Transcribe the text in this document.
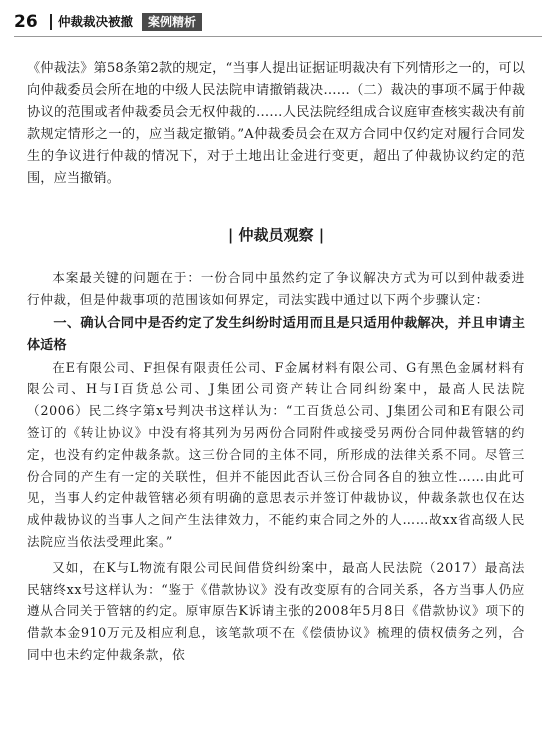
26 仲裁裁决被撤	案例精析

《仲裁法》第58条第2款的规定，“当事人提出证据证明裁决有下列情形之一的，可以向仲裁委员会所在地的中级人民法院申请撤销裁决……（二）裁决的事项不属于仲裁协议的范围或者仲裁委员会无权仲裁的……人民法院经组成合议庭审查核实裁决有前款规定情形之一的，应当裁定撤销。”A仲裁委员会在双方合同中仅约定对履行合同发生的争议进行仲裁的情况下，对于土地出让金进行变更，超出了仲裁协议约定的范围，应当撤销。

| 仲裁员观察 |

本案最关键的问题在于：一份合同中虽然约定了争议解决方式为可以到仲裁委进行仲裁，但是仲裁事项的范围该如何界定，司法实践中通过以下两个步骤认定：

一、确认合同中是否约定了发生纠纷时适用而且是只适用仲裁解决，并且申请主体适格

在E有限公司、F担保有限责任公司、F金属材料有限公司、G有黑色金属材料有限公司、H与I百货总公司、J集团公司资产转让合同纠纷案中，最高人民法院（2006）民二终字第x号判决书这样认为：“工百货总公司、J集团公司和E有限公司签订的《转让协议》中没有将其列为另两份合同附件或接受另两份合同仲裁管辖的约定，也没有约定仲裁条款。这三份合同的主体不同，所形成的法律关系不同。尽管三份合同的产生有一定的关联性，但并不能因此否认三份合同各自的独立性……由此可见，当事人约定仲裁管辖必须有明确的意思表示并签订仲裁协议，仲裁条款也仅在达成仲裁协议的当事人之间产生法律效力，不能约束合同之外的人……故xx省高级人民法院应当依法受理此案。”

又如，在K与L物流有限公司民间借贷纠纷案中，最高人民法院（2017）最高法民辖终xx号这样认为：“鉴于《借款协议》没有改变原有的合同关系，各方当事人仍应遵从合同关于管辖的约定。原审原告K诉请主张的2008年5月8日《借款协议》项下的借款本金910万元及相应利息，该笔款项不在《偿债协议》梳理的债权债务之列，合同中也未约定仲裁条款，依
